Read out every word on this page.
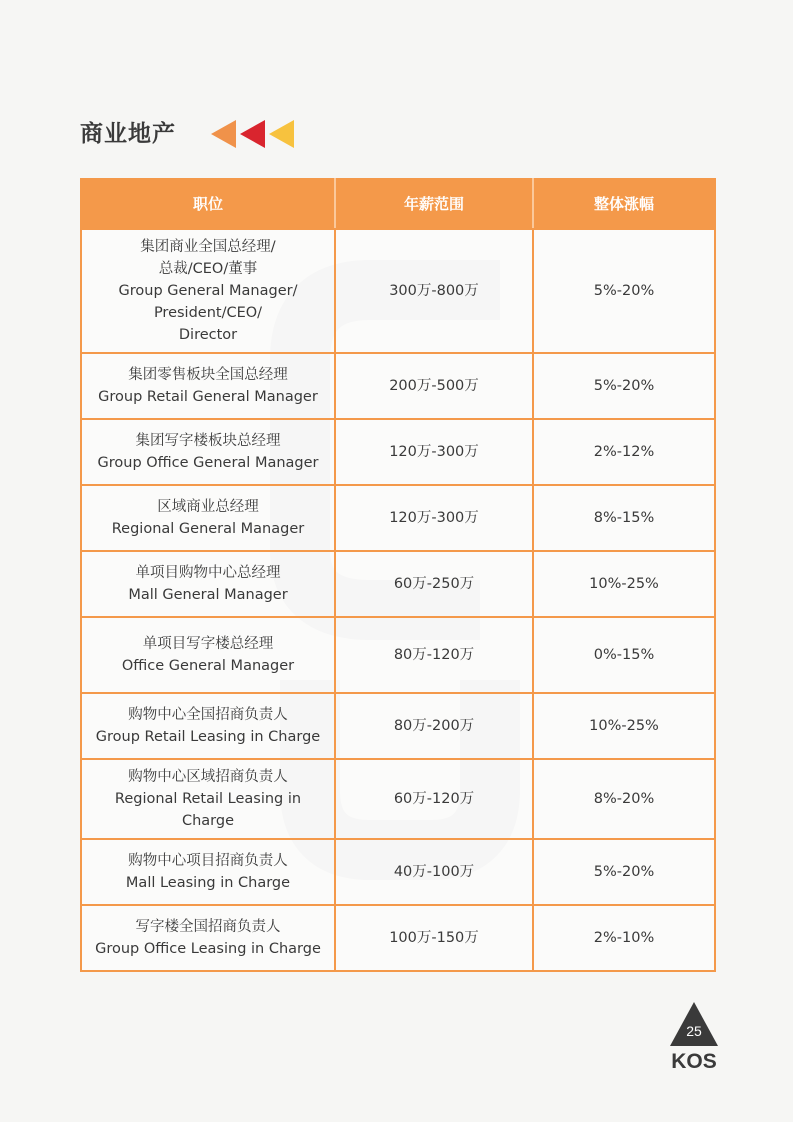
商业地产
职位	年薪范围	整体涨幅

集团商业全国总经理/
总裁/CEO/董事
Group General Manager/
President/CEO/
Director	300万-800万	5%-20%

集团零售板块全国总经理
Group Retail General Manager	200万-500万	5%-20%

集团写字楼板块总经理
Group Office General Manager	120万-300万	2%-12%

区域商业总经理
Regional General Manager	120万-300万	8%-15%

单项目购物中心总经理
Mall General Manager	60万-250万	10%-25%

单项目写字楼总经理
Office General Manager	80万-120万	0%-15%

购物中心全国招商负责人
Group Retail Leasing in Charge	80万-200万	10%-25%

购物中心区域招商负责人
Regional Retail Leasing in
Charge	60万-120万	8%-20%

购物中心项目招商负责人
Mall Leasing in Charge	40万-100万	5%-20%

写字楼全国招商负责人
Group Office Leasing in Charge	100万-150万	2%-10%
25
KOS
